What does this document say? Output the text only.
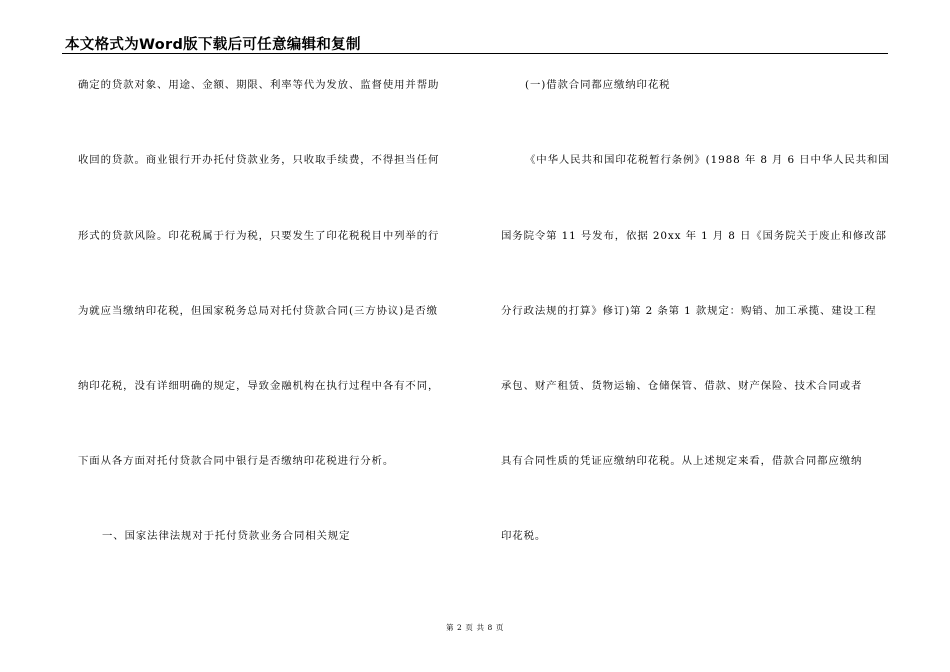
本文格式为Word版下载后可任意编辑和复制
确定的贷款对象、用途、金额、期限、利率等代为发放、监督使用并帮助
收回的贷款。商业银行开办托付贷款业务，只收取手续费，不得担当任何
形式的贷款风险。印花税属于行为税，只要发生了印花税税目中列举的行
为就应当缴纳印花税，但国家税务总局对托付贷款合同(三方协议)是否缴
纳印花税，没有详细明确的规定，导致金融机构在执行过程中各有不同，
下面从各方面对托付贷款合同中银行是否缴纳印花税进行分析。
一、国家法律法规对于托付贷款业务合同相关规定
(一)借款合同都应缴纳印花税
《中华人民共和国印花税暂行条例》(1988 年 8 月 6 日中华人民共和国
国务院令第 11 号发布，依据 20xx 年 1 月 8 日《国务院关于废止和修改部
分行政法规的打算》修订)第 2 条第 1 款规定：购销、加工承揽、建设工程
承包、财产租赁、货物运输、仓储保管、借款、财产保险、技术合同或者
具有合同性质的凭证应缴纳印花税。从上述规定来看，借款合同都应缴纳
印花税。
第 2 页 共 8 页
